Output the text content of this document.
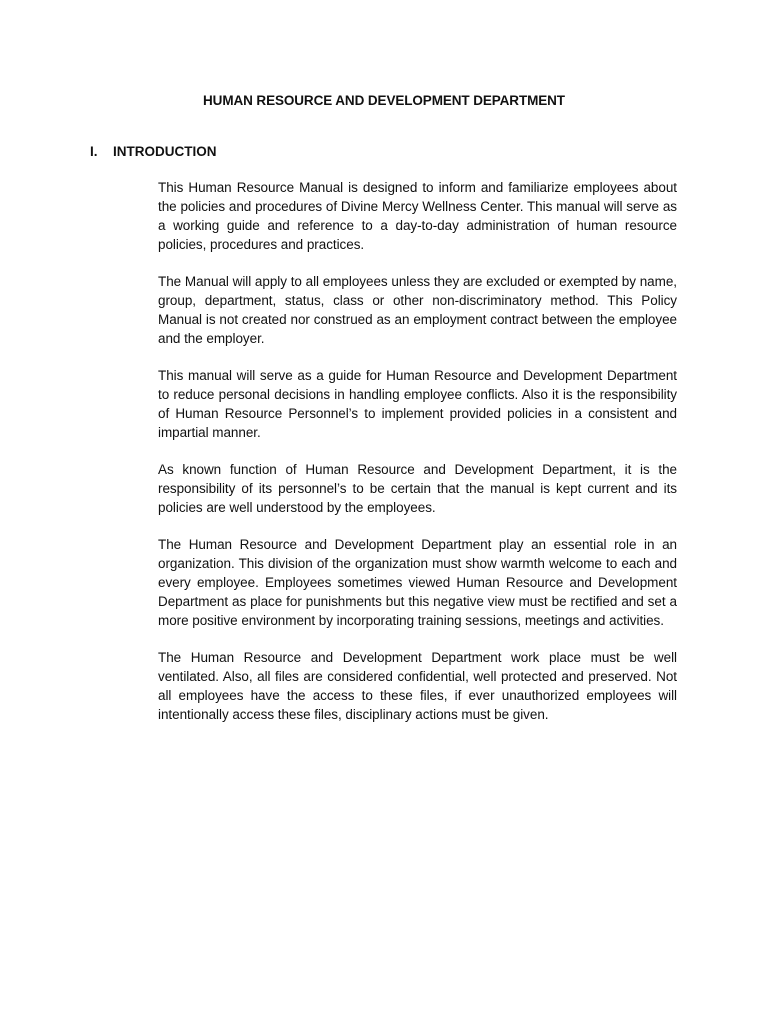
HUMAN RESOURCE AND DEVELOPMENT DEPARTMENT
I.	INTRODUCTION

This Human Resource Manual is designed to inform and familiarize employees about the policies and procedures of Divine Mercy Wellness Center. This manual will serve as a working guide and reference to a day-to-day administration of human resource policies, procedures and practices.

The Manual will apply to all employees unless they are excluded or exempted by name, group, department, status, class or other non-discriminatory method. This Policy Manual is not created nor construed as an employment contract between the employee and the employer.

This manual will serve as a guide for Human Resource and Development Department to reduce personal decisions in handling employee conflicts. Also it is the responsibility of Human Resource Personnel’s to implement provided policies in a consistent and impartial manner.

As known function of Human Resource and Development Department, it is the responsibility of its personnel’s to be certain that the manual is kept current and its policies are well understood by the employees.

The Human Resource and Development Department play an essential role in an organization. This division of the organization must show warmth welcome to each and every employee. Employees sometimes viewed Human Resource and Development Department as place for punishments but this negative view must be rectified and set a more positive environment by incorporating training sessions, meetings and activities.

The Human Resource and Development Department work place must be well ventilated. Also, all files are considered confidential, well protected and preserved. Not all employees have the access to these files, if ever unauthorized employees will intentionally access these files, disciplinary actions must be given.
